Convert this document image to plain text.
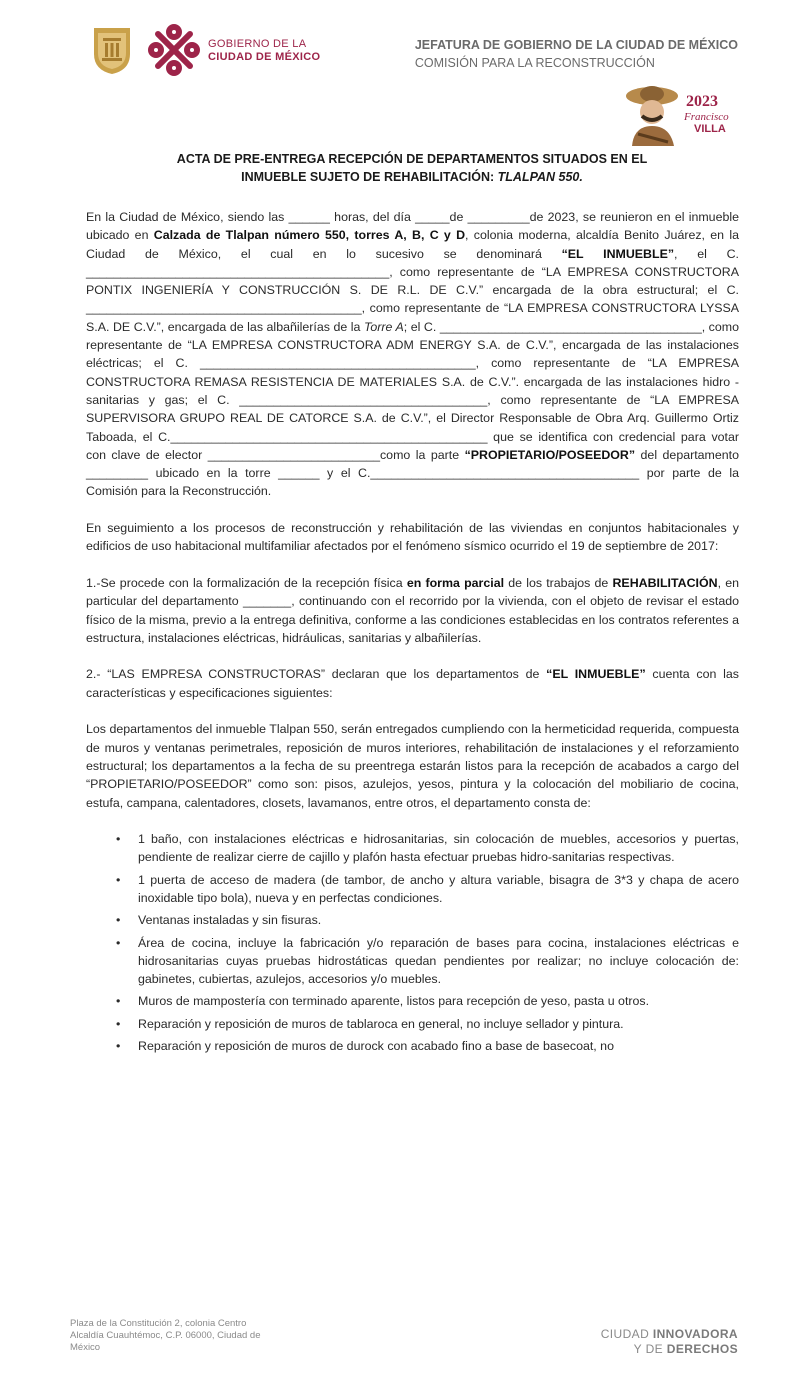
GOBIERNO DE LA
CIUDAD DE MÉXICO
JEFATURA DE GOBIERNO DE LA CIUDAD DE MÉXICO
COMISIÓN PARA LA RECONSTRUCCIÓN
2023
Francisco
VILLA
ACTA DE PRE-ENTREGA RECEPCIÓN DE DEPARTAMENTOS SITUADOS EN EL
INMUEBLE SUJETO DE REHABILITACIÓN: TLALPAN 550.

En la Ciudad de México, siendo las ______ horas, del día _____de _________de 2023, se reunieron en el inmueble ubicado en Calzada de Tlalpan número 550, torres A, B, C y D, colonia moderna, alcaldía Benito Juárez, en la Ciudad de México, el cual en lo sucesivo se denominará “EL INMUEBLE”, el C. ____________________________________________, como representante de “LA EMPRESA CONSTRUCTORA PONTIX INGENIERÍA Y CONSTRUCCIÓN S. DE R.L. DE C.V.” encargada de la obra estructural; el C. ________________________________________, como representante de “LA EMPRESA CONSTRUCTORA LYSSA S.A. DE C.V.”, encargada de las albañilerías de la Torre A; el C. ______________________________________, como representante de “LA EMPRESA CONSTRUCTORA ADM ENERGY S.A. de C.V.”, encargada de las instalaciones eléctricas; el C. ________________________________________, como representante de “LA EMPRESA CONSTRUCTORA REMASA RESISTENCIA DE MATERIALES S.A. de C.V.”. encargada de las instalaciones hidro - sanitarias y gas; el C. ____________________________________, como representante de “LA EMPRESA SUPERVISORA GRUPO REAL DE CATORCE S.A. de C.V.”, el Director Responsable de Obra Arq. Guillermo Ortiz Taboada, el C.______________________________________________ que se identifica con credencial para votar con clave de elector _________________________como la parte “PROPIETARIO/POSEEDOR” del departamento _________ ubicado en la torre ______ y el C._______________________________________ por parte de la Comisión para la Reconstrucción.

En seguimiento a los procesos de reconstrucción y rehabilitación de las viviendas en conjuntos habitacionales y edificios de uso habitacional multifamiliar afectados por el fenómeno sísmico ocurrido el 19 de septiembre de 2017:

1.-Se procede con la formalización de la recepción física en forma parcial de los trabajos de REHABILITACIÓN, en particular del departamento _______, continuando con el recorrido por la vivienda, con el objeto de revisar el estado físico de la misma, previo a la entrega definitiva, conforme a las condiciones establecidas en los contratos referentes a estructura, instalaciones eléctricas, hidráulicas, sanitarias y albañilerías.

2.- “LAS EMPRESA CONSTRUCTORAS” declaran que los departamentos de “EL INMUEBLE” cuenta con las características y especificaciones siguientes:

Los departamentos del inmueble Tlalpan 550, serán entregados cumpliendo con la hermeticidad requerida, compuesta de muros y ventanas perimetrales, reposición de muros interiores, rehabilitación de instalaciones y el reforzamiento estructural; los departamentos a la fecha de su preentrega estarán listos para la recepción de acabados a cargo del “PROPIETARIO/POSEEDOR” como son: pisos, azulejos, yesos, pintura y la colocación del mobiliario de cocina, estufa, campana, calentadores, closets, lavamanos, entre otros, el departamento consta de:

•
1 baño, con instalaciones eléctricas e hidrosanitarias, sin colocación de muebles, accesorios y puertas, pendiente de realizar cierre de cajillo y plafón hasta efectuar pruebas hidro-sanitarias respectivas.
•
1 puerta de acceso de madera (de tambor, de ancho y altura variable, bisagra de 3*3 y chapa de acero inoxidable tipo bola), nueva y en perfectas condiciones.
•
Ventanas instaladas y sin fisuras.
•
Área de cocina, incluye la fabricación y/o reparación de bases para cocina, instalaciones eléctricas e hidrosanitarias cuyas pruebas hidrostáticas quedan pendientes por realizar; no incluye colocación de: gabinetes, cubiertas, azulejos, accesorios y/o muebles.
•
Muros de mampostería con terminado aparente, listos para recepción de yeso, pasta u otros.
•
Reparación y reposición de muros de tablaroca en general, no incluye sellador y pintura.
•
Reparación y reposición de muros de durock con acabado fino a base de basecoat, no
Plaza de la Constitución 2, colonia Centro
Alcaldía Cuauhtémoc, C.P. 06000, Ciudad de
México
CIUDAD INNOVADORA
Y DE DERECHOS
